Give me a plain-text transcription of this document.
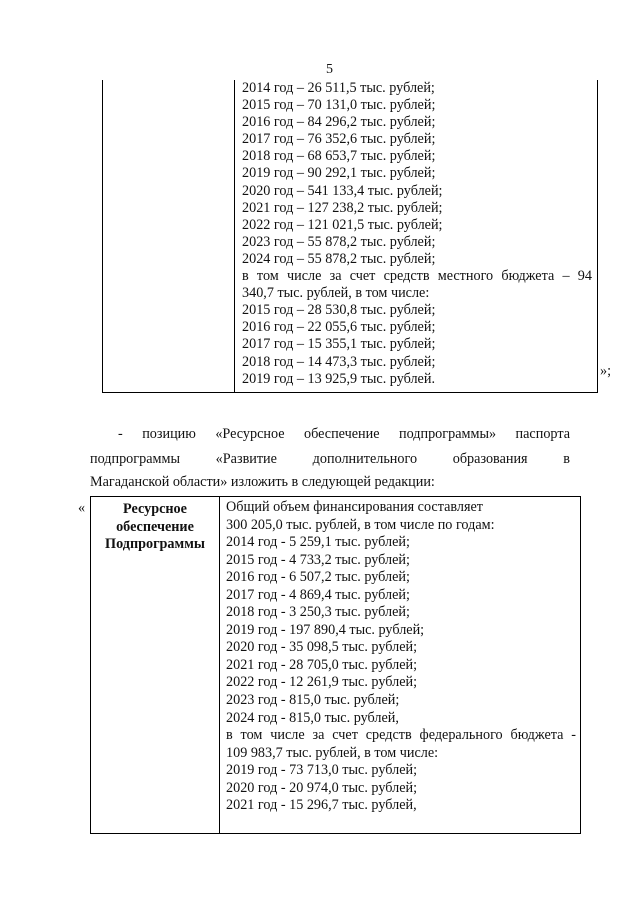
5
2014 год – 26 511,5 тыс. рублей;
2015 год – 70 131,0 тыс. рублей;
2016 год – 84 296,2 тыс. рублей;
2017 год – 76 352,6 тыс. рублей;
2018 год – 68 653,7 тыс. рублей;
2019 год – 90 292,1 тыс. рублей;
2020 год – 541 133,4 тыс. рублей;
2021 год – 127 238,2 тыс. рублей;
2022 год – 121 021,5 тыс. рублей;
2023 год – 55 878,2 тыс. рублей;
2024 год – 55 878,2 тыс. рублей;
в том числе за счет средств местного бюджета – 94
340,7 тыс. рублей, в том числе:
2015 год – 28 530,8 тыс. рублей;
2016 год – 22 055,6 тыс. рублей;
2017 год – 15 355,1 тыс. рублей;
2018 год – 14 473,3 тыс. рублей;
2019 год – 13 925,9 тыс. рублей.	»;
- позицию «Ресурсное обеспечение подпрограммы» паспорта
подпрограммы «Развитие дополнительного образования в
Магаданской области» изложить в следующей редакции:
«	Ресурсное
обеспечение
Подпрограммы
Общий объем финансирования составляет
300 205,0 тыс. рублей, в том числе по годам:
2014 год - 5 259,1 тыс. рублей;
2015 год - 4 733,2 тыс. рублей;
2016 год - 6 507,2 тыс. рублей;
2017 год - 4 869,4 тыс. рублей;
2018 год - 3 250,3 тыс. рублей;
2019 год - 197 890,4 тыс. рублей;
2020 год - 35 098,5 тыс. рублей;
2021 год - 28 705,0 тыс. рублей;
2022 год - 12 261,9 тыс. рублей;
2023 год - 815,0 тыс. рублей;
2024 год - 815,0 тыс. рублей,
в том числе за счет средств федерального бюджета -
109 983,7 тыс. рублей, в том числе:
2019 год - 73 713,0 тыс. рублей;
2020 год - 20 974,0 тыс. рублей;
2021 год - 15 296,7 тыс. рублей,
